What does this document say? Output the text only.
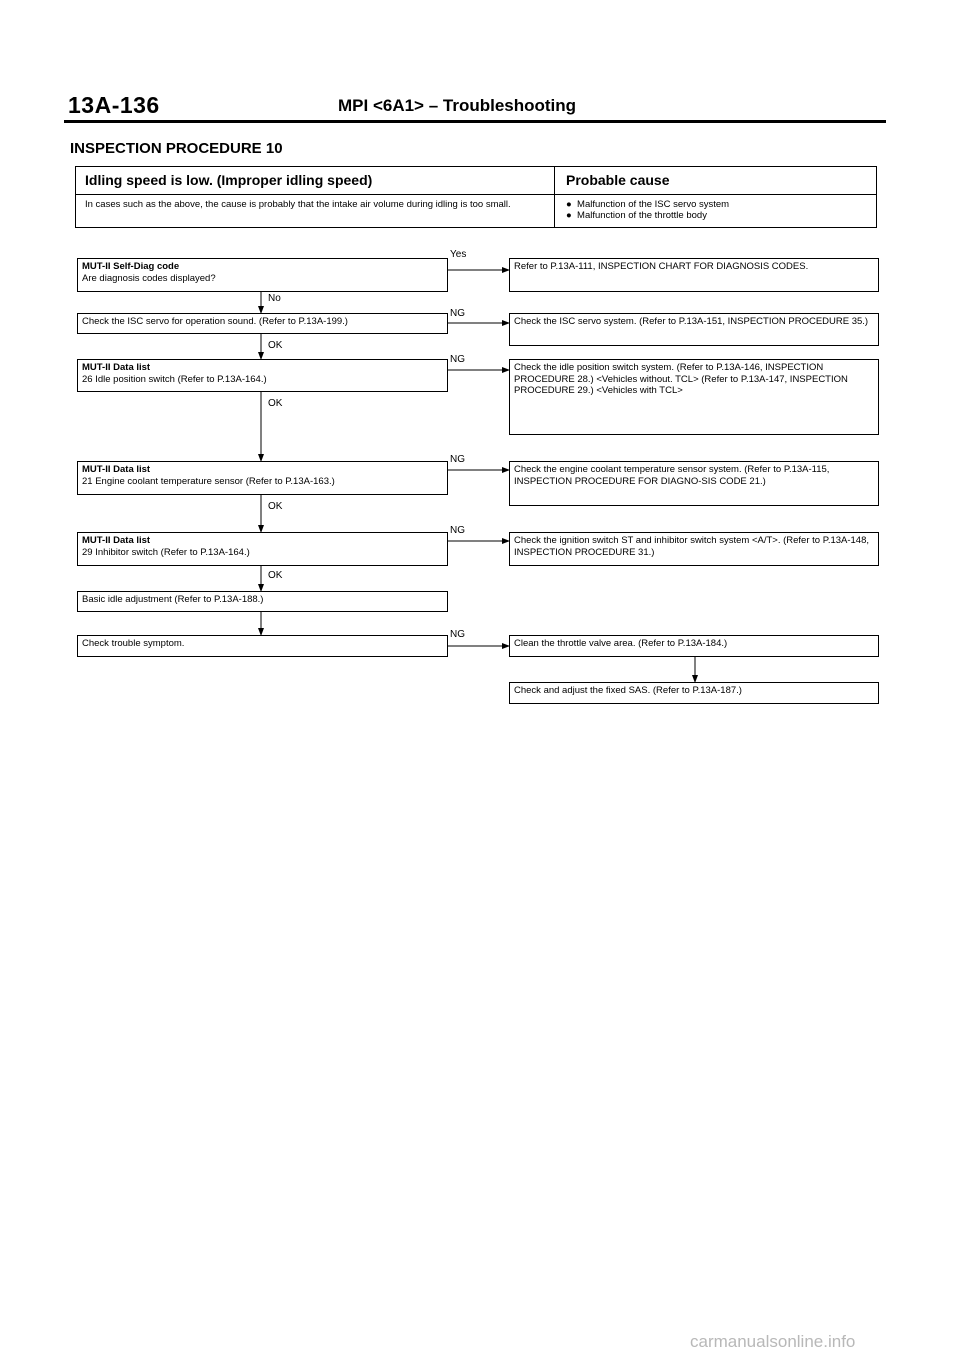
13A-136	MPI <6A1> – Troubleshooting
INSPECTION PROCEDURE 10
Idling speed is low. (Improper idling speed)	Probable cause
In cases such as the above, the cause is probably that the intake air volume during idling is too small.	●  Malfunction of the ISC servo system
●  Malfunction of the throttle body
MUT-II Self-Diag code
Are diagnosis codes displayed?
Check the ISC servo for operation sound. (Refer to P.13A-199.)
MUT-II Data list
26 Idle position switch (Refer to P.13A-164.)
MUT-II Data list
21 Engine coolant temperature sensor (Refer to P.13A-163.)
MUT-II Data list
29 Inhibitor switch (Refer to P.13A-164.)
Basic idle adjustment (Refer to P.13A-188.)
Check trouble symptom.
Refer to P.13A-111, INSPECTION CHART FOR DIAGNOSIS CODES.
Check the ISC servo system. (Refer to P.13A-151, INSPECTION PROCEDURE 35.)
Check the idle position switch system. (Refer to P.13A-146, INSPECTION PROCEDURE 28.) <Vehicles without. TCL> (Refer to P.13A-147, INSPECTION PROCEDURE 29.) <Vehicles with TCL>
Check the engine coolant temperature sensor system. (Refer to P.13A-115, INSPECTION PROCEDURE FOR DIAGNO-SIS CODE 21.)
Check the ignition switch ST and inhibitor switch system <A/T>. (Refer to P.13A-148, INSPECTION PROCEDURE 31.)
Clean the throttle valve area. (Refer to P.13A-184.)
Check and adjust the fixed SAS. (Refer to P.13A-187.)
Yes
No
NG
OK
NG
OK
NG
OK
NG
OK
NG
carmanualsonline.info
